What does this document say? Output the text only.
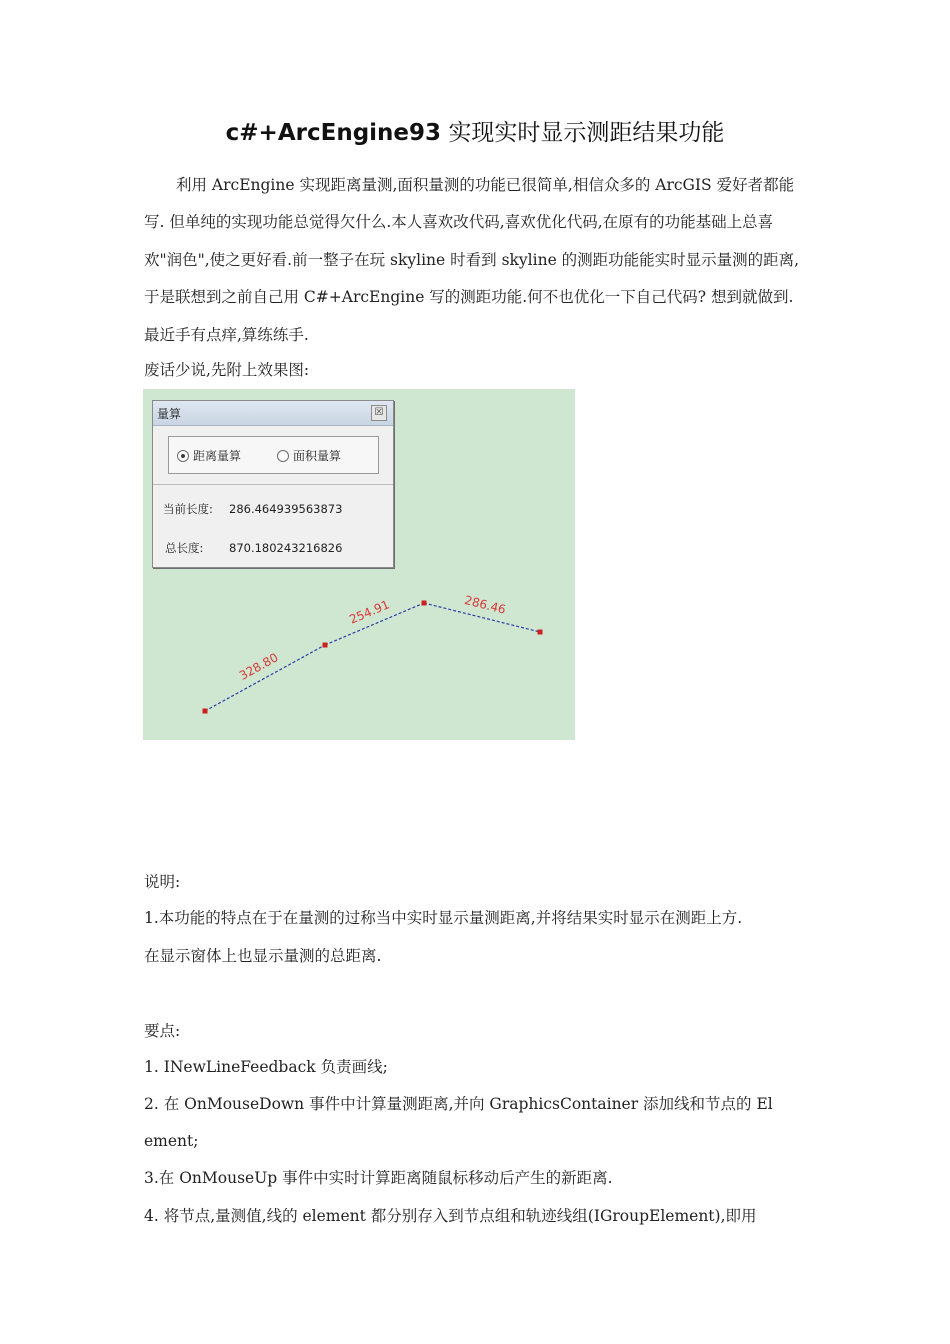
c#+ArcEngine93 实现实时显示测距结果功能
利用 ArcEngine 实现距离量测,面积量测的功能已很简单,相信众多的 ArcGIS 爱好者都能写. 但单纯的实现功能总觉得欠什么.本人喜欢改代码,喜欢优化代码,在原有的功能基础上总喜欢"润色",使之更好看.前一整子在玩 skyline 时看到 skyline 的测距功能能实时显示量测的距离,于是联想到之前自己用 C#+ArcEngine 写的测距功能.何不也优化一下自己代码? 想到就做到.最近手有点痒,算练练手.
废话少说,先附上效果图:
328.80
254.91	286.46
量算	☒
距离量算	面积量算
当前长度: 286.464939563873
总长度: 870.180243216826
说明:
1.本功能的特点在于在量测的过称当中实时显示量测距离,并将结果实时显示在测距上方.
在显示窗体上也显示量测的总距离.
要点:
1. INewLineFeedback 负责画线;
2. 在 OnMouseDown 事件中计算量测距离,并向 GraphicsContainer 添加线和节点的 El
ement;
3.在 OnMouseUp 事件中实时计算距离随鼠标移动后产生的新距离.
4. 将节点,量测值,线的 element 都分别存入到节点组和轨迹线组(IGroupElement),即用
